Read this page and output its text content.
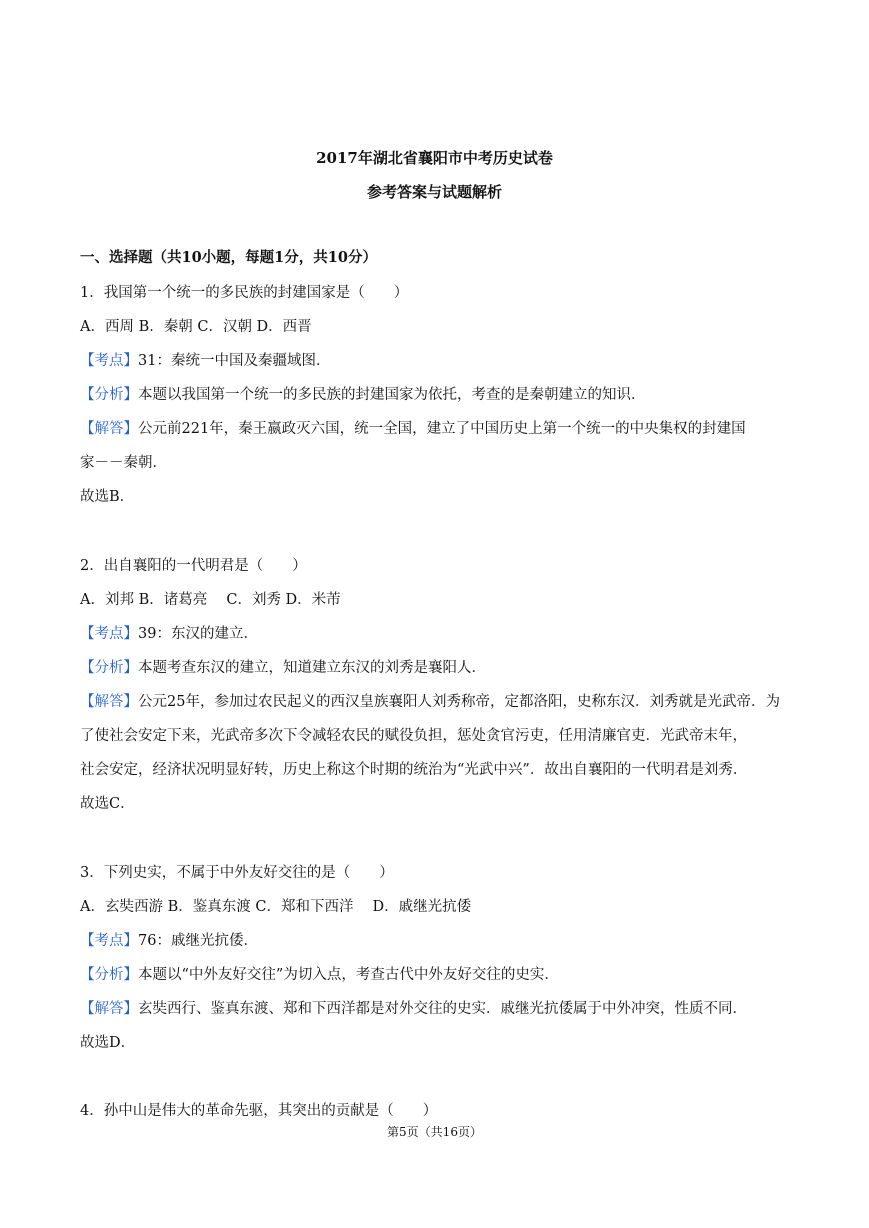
2017年湖北省襄阳市中考历史试卷
参考答案与试题解析
一、选择题（共10小题，每题1分，共10分）
1．我国第一个统一的多民族的封建国家是（　　）
A．西周 B．秦朝 C．汉朝 D．西晋
【考点】31：秦统一中国及秦疆域图．
【分析】本题以我国第一个统一的多民族的封建国家为依托，考查的是秦朝建立的知识．
【解答】公元前221年，秦王嬴政灭六国，统一全国，建立了中国历史上第一个统一的中央集权的封建国
家－－秦朝．
故选B．
2．出自襄阳的一代明君是（　　）
A．刘邦 B．诸葛亮　 C．刘秀 D．米芾
【考点】39：东汉的建立．
【分析】本题考查东汉的建立，知道建立东汉的刘秀是襄阳人．
【解答】公元25年，参加过农民起义的西汉皇族襄阳人刘秀称帝，定都洛阳，史称东汉．刘秀就是光武帝．为
了使社会安定下来，光武帝多次下令减轻农民的赋役负担，惩处贪官污吏，任用清廉官吏．光武帝末年，
社会安定，经济状况明显好转，历史上称这个时期的统治为“光武中兴”．故出自襄阳的一代明君是刘秀．
故选C．
3．下列史实，不属于中外友好交往的是（　　）
A．玄奘西游 B．鉴真东渡 C．郑和下西洋　 D．戚继光抗倭
【考点】76：戚继光抗倭．
【分析】本题以“中外友好交往”为切入点，考查古代中外友好交往的史实．
【解答】玄奘西行、鉴真东渡、郑和下西洋都是对外交往的史实．戚继光抗倭属于中外冲突，性质不同．
故选D．
4．孙中山是伟大的革命先驱，其突出的贡献是（　　）
第5页（共16页）
